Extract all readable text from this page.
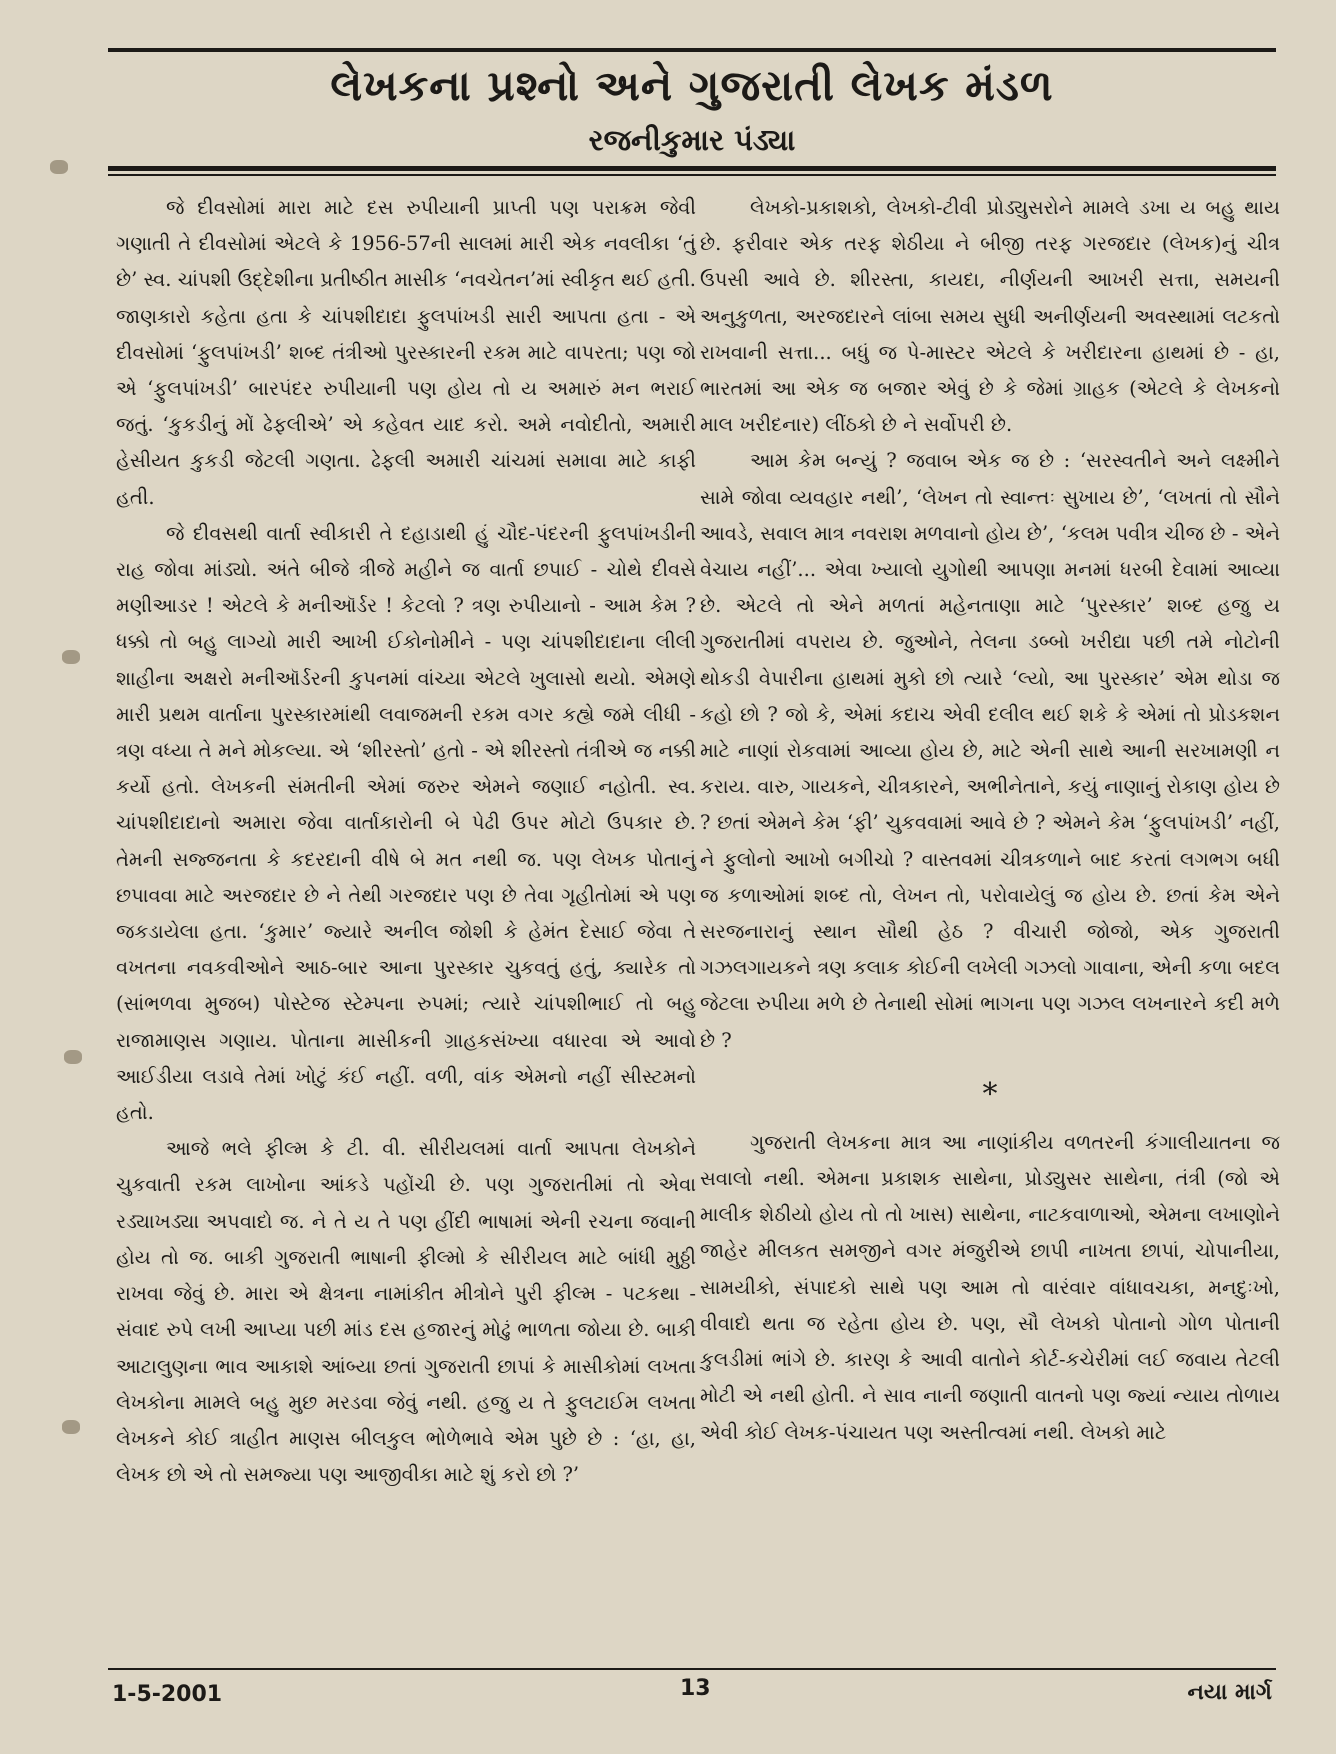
લેખકના પ્રશ્નો અને ગુજરાતી લેખક મંડળ
રજનીકુમાર પંડ્યા

જે દીવસોમાં મારા માટે દસ રુપીયાની પ્રાપ્તી પણ પરાક્રમ જેવી ગણાતી તે દીવસોમાં એટલે કે 1956-57ની સાલમાં મારી એક નવલીકા ‘તું છે’ સ્વ. ચાંપશી ઉદ્દેશીના પ્રતીષ્ઠીત માસીક ‘નવચેતન’માં સ્વીકૃત થઈ હતી. જાણકારો કહેતા હતા કે ચાંપશીદાદા ફુલપાંખડી સારી આપતા હતા - એ દીવસોમાં ‘ફુલપાંખડી’ શબ્દ તંત્રીઓ પુરસ્કારની રકમ માટે વાપરતા; પણ જો એ ‘ફુલપાંખડી’ બારપંદર રુપીયાની પણ હોય તો ય અમારું મન ભરાઈ જતું. ‘કુકડીનું મોં ઢેફલીએ’ એ કહેવત યાદ કરો. અમે નવોદીતો, અમારી હેસીયત કુકડી જેટલી ગણતા. ઢેફલી અમારી ચાંચમાં સમાવા માટે કાફી હતી.

જે દીવસથી વાર્તા સ્વીકારી તે દહાડાથી હું ચૌદ-પંદરની ફુલપાંખડીની રાહ જોવા માંડ્યો. અંતે બીજે ત્રીજે મહીને જ વાર્તા છપાઈ - ચોથે દીવસે મણીઆડર ! એટલે કે મનીઑર્ડર ! કેટલો ? ત્રણ રુપીયાનો - આમ કેમ ? ધક્કો તો બહુ લાગ્યો મારી આખી ઈકોનોમીને - પણ ચાંપશીદાદાના લીલી શાહીના અક્ષરો મનીઑર્ડરની કુપનમાં વાંચ્યા એટલે ખુલાસો થયો. એમણે મારી પ્રથમ વાર્તાના પુરસ્કારમાંથી લવાજમની રકમ વગર કહ્યે જમે લીધી - ત્રણ વધ્યા તે મને મોકલ્યા. એ ‘શીરસ્તો’ હતો - એ શીરસ્તો તંત્રીએ જ નક્કી કર્યો હતો. લેખકની સંમતીની એમાં જરુર એમને જણાઈ નહોતી. સ્વ. ચાંપશીદાદાનો અમારા જેવા વાર્તાકારોની બે પેઢી ઉપર મોટો ઉપકાર છે. તેમની સજ્જનતા કે કદરદાની વીષે બે મત નથી જ. પણ લેખક પોતાનું છપાવવા માટે અરજદાર છે ને તેથી ગરજદાર પણ છે તેવા ગૃહીતોમાં એ પણ જકડાયેલા હતા. ‘કુમાર’ જ્યારે અનીલ જોશી કે હેમંત દેસાઈ જેવા તે વખતના નવકવીઓને આઠ-બાર આના પુરસ્કાર ચુકવતું હતું, ક્યારેક તો (સાંભળવા મુજબ) પોસ્ટેજ સ્ટેમ્પના રુપમાં; ત્યારે ચાંપશીભાઈ તો બહુ રાજામાણસ ગણાય. પોતાના માસીકની ગ્રાહકસંખ્યા વધારવા એ આવો આઈડીયા લડાવે તેમાં ખોટું કંઈ નહીં. વળી, વાંક એમનો નહીં સીસ્ટમનો હતો.

આજે ભલે ફીલ્મ કે ટી. વી. સીરીયલમાં વાર્તા આપતા લેખકોને ચુકવાતી રકમ લાખોના આંકડે પહોંચી છે. પણ ગુજરાતીમાં તો એવા રડ્યાખડ્યા અપવાદો જ. ને તે ય તે પણ હીંદી ભાષામાં એની રચના જવાની હોય તો જ. બાકી ગુજરાતી ભાષાની ફીલ્મો કે સીરીયલ માટે બાંધી મુઠ્ઠી રાખવા જેવું છે. મારા એ ક્ષેત્રના નામાંકીત મીત્રોને પુરી ફીલ્મ - પટકથા - સંવાદ રુપે લખી આપ્યા પછી માંડ દસ હજારનું મોઢું ભાળતા જોયા છે. બાકી આટાલુણના ભાવ આકાશે આંબ્યા છતાં ગુજરાતી છાપાં કે માસીકોમાં લખતા લેખકોના મામલે બહુ મુછ મરડવા જેવું નથી. હજુ ય તે ફુલટાઈમ લખતા લેખકને કોઈ ત્રાહીત માણસ બીલકુલ ભોળેભાવે એમ પુછે છે : ‘હા, હા, લેખક છો એ તો સમજ્યા પણ આજીવીકા માટે શું કરો છો ?’

લેખકો-પ્રકાશકો, લેખકો-ટીવી પ્રોડ્યુસરોને મામલે ડખા ય બહુ થાય છે. ફરીવાર એક તરફ શેઠીયા ને બીજી તરફ ગરજદાર (લેખક)નું ચીત્ર ઉપસી આવે છે. શીરસ્તા, કાયદા, નીર્ણયની આખરી સત્તા, સમયની અનુકુળતા, અરજદારને લાંબા સમય સુધી અનીર્ણયની અવસ્થામાં લટકતો રાખવાની સત્તા... બધું જ પે-માસ્ટર એટલે કે ખરીદારના હાથમાં છે - હા, ભારતમાં આ એક જ બજાર એવું છે કે જેમાં ગ્રાહક (એટલે કે લેખકનો માલ ખરીદનાર) લીંઠકો છે ને સર્વોપરી છે.

આમ કેમ બન્યું ? જવાબ એક જ છે : ‘સરસ્વતીને અને લક્ષ્મીને સામે જોવા વ્યવહાર નથી’, ‘લેખન તો સ્વાન્તઃ સુખાય છે’, ‘લખતાં તો સૌને આવડે, સવાલ માત્ર નવરાશ મળવાનો હોય છે’, ‘કલમ પવીત્ર ચીજ છે - એને વેચાય નહીં’... એવા ખ્યાલો યુગોથી આપણા મનમાં ધરબી દેવામાં આવ્યા છે. એટલે તો એને મળતાં મહેનતાણા માટે ‘પુરસ્કાર’ શબ્દ હજુ ય ગુજરાતીમાં વપરાય છે. જુઓને, તેલના ડબ્બો ખરીદ્યા પછી તમે નોટોની થોકડી વેપારીના હાથમાં મુકો છો ત્યારે ‘લ્યો, આ પુરસ્કાર’ એમ થોડા જ કહો છો ? જો કે, એમાં કદાચ એવી દલીલ થઈ શકે કે એમાં તો પ્રોડકશન માટે નાણાં રોકવામાં આવ્યા હોય છે, માટે એની સાથે આની સરખામણી ન કરાય. વારુ, ગાયકને, ચીત્રકારને, અભીનેતાને, કયું નાણાનું રોકાણ હોય છે ? છતાં એમને કેમ ‘ફી’ ચુકવવામાં આવે છે ? એમને કેમ ‘ફુલપાંખડી’ નહીં, ને ફુલોનો આખો બગીચો ? વાસ્તવમાં ચીત્રકળાને બાદ કરતાં લગભગ બધી જ કળાઓમાં શબ્દ તો, લેખન તો, પરોવાયેલું જ હોય છે. છતાં કેમ એને સરજનારાનું સ્થાન સૌથી હેઠ ? વીચારી જોજો, એક ગુજરાતી ગઝલગાયકને ત્રણ કલાક કોઈની લખેલી ગઝલો ગાવાના, એની કળા બદલ જેટલા રુપીયા મળે છે તેનાથી સોમાં ભાગના પણ ગઝલ લખનારને કદી મળે છે ?

*

ગુજરાતી લેખકના માત્ર આ નાણાંકીય વળતરની કંગાલીયાતના જ સવાલો નથી. એમના પ્રકાશક સાથેના, પ્રોડ્યુસર સાથેના, તંત્રી (જો એ માલીક શેઠીયો હોય તો તો ખાસ) સાથેના, નાટકવાળાઓ, એમના લખાણોને જાહેર મીલકત સમજીને વગર મંજુરીએ છાપી નાખતા છાપાં, ચોપાનીયા, સામયીકો, સંપાદકો સાથે પણ આમ તો વારંવાર વાંધાવચકા, મનદુઃખો, વીવાદો થતા જ રહેતા હોય છે. પણ, સૌ લેખકો પોતાનો ગોળ પોતાની કુલડીમાં ભાંગે છે. કારણ કે આવી વાતોને કોર્ટ-કચેરીમાં લઈ જવાય તેટલી મોટી એ નથી હોતી. ને સાવ નાની જણાતી વાતનો પણ જ્યાં ન્યાય તોળાય એવી કોઈ લેખક-પંચાયત પણ અસ્તીત્વમાં નથી. લેખકો માટે

1-5-2001	13	નયા માર્ગ
